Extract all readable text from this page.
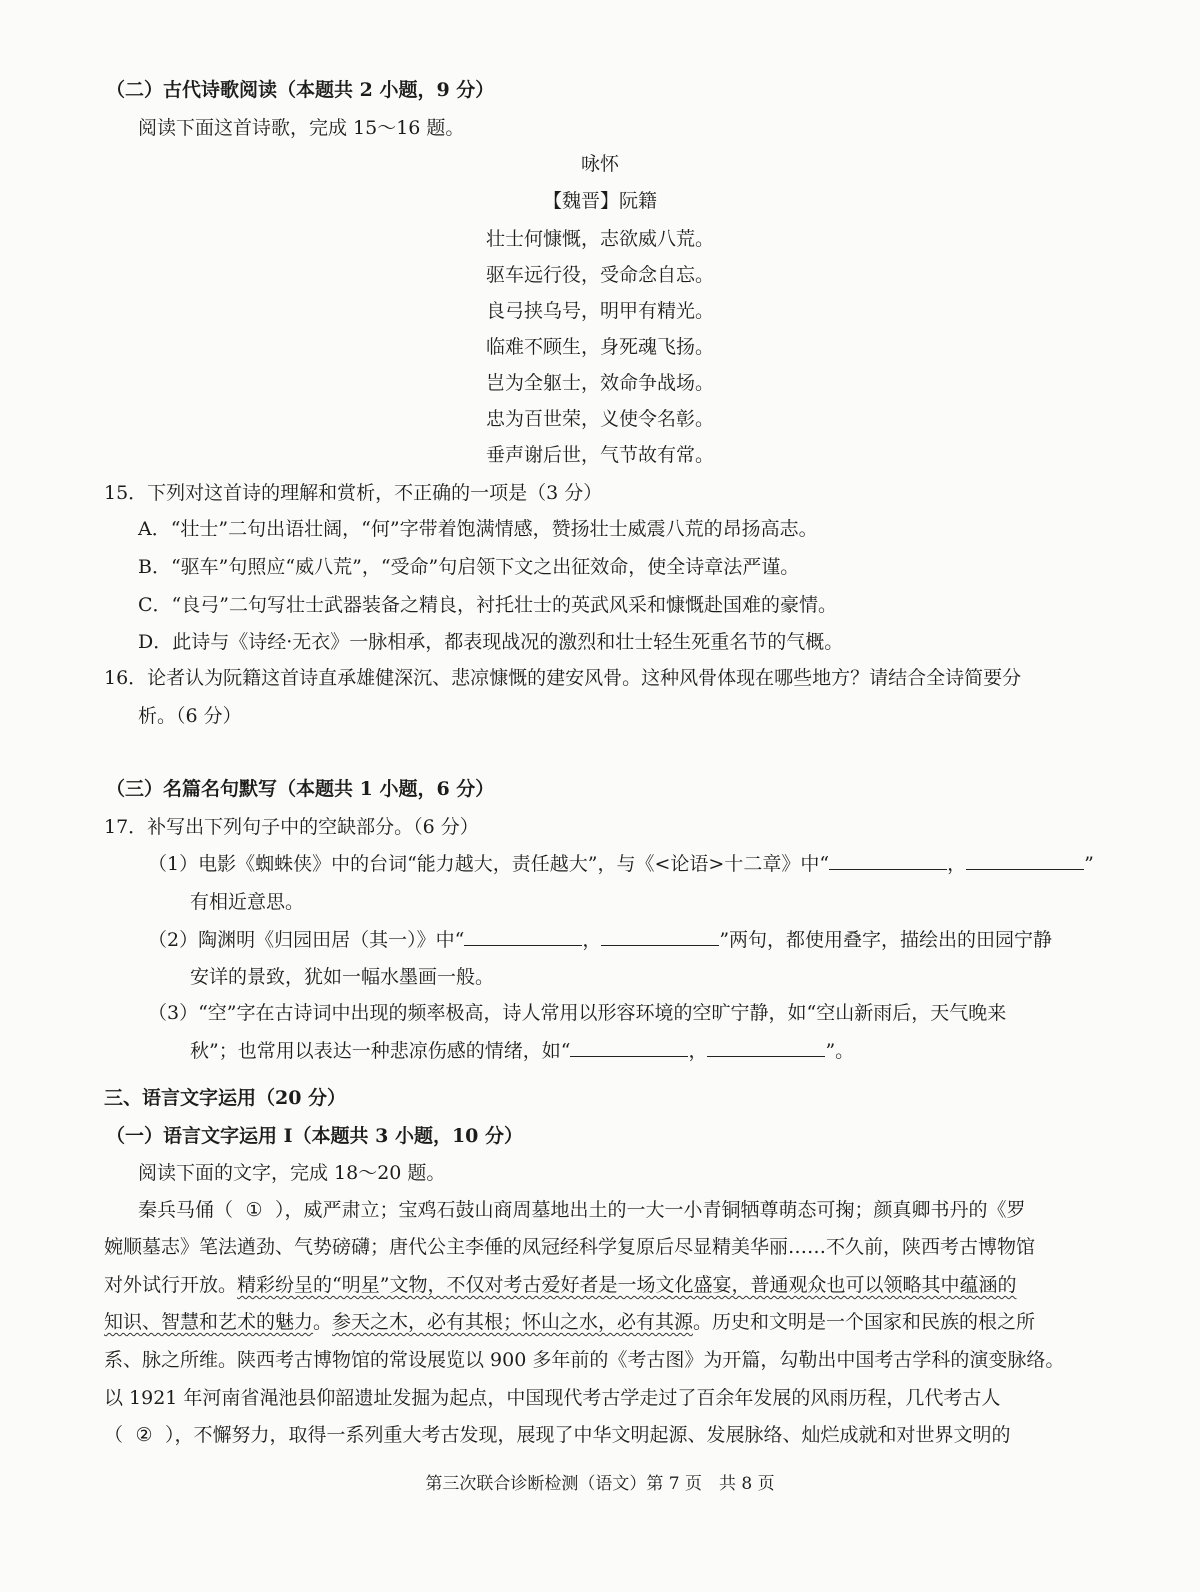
（二）古代诗歌阅读（本题共 2 小题，9 分）
阅读下面这首诗歌，完成 15～16 题。
咏怀
【魏晋】阮籍
壮士何慷慨，志欲威八荒。
驱车远行役，受命念自忘。
良弓挟乌号，明甲有精光。
临难不顾生，身死魂飞扬。
岂为全躯士，效命争战场。
忠为百世荣，义使令名彰。
垂声谢后世，气节故有常。
15．下列对这首诗的理解和赏析，不正确的一项是（3 分）
A．“壮士”二句出语壮阔，“何”字带着饱满情感，赞扬壮士威震八荒的昂扬高志。
B．“驱车”句照应“威八荒”，“受命”句启领下文之出征效命，使全诗章法严谨。
C．“良弓”二句写壮士武器装备之精良，衬托壮士的英武风采和慷慨赴国难的豪情。
D．此诗与《诗经·无衣》一脉相承，都表现战况的激烈和壮士轻生死重名节的气概。
16．论者认为阮籍这首诗直承雄健深沉、悲凉慷慨的建安风骨。这种风骨体现在哪些地方？请结合全诗简要分
析。（6 分）
（三）名篇名句默写（本题共 1 小题，6 分）
17．补写出下列句子中的空缺部分。（6 分）
（1）电影《蜘蛛侠》中的台词“能力越大，责任越大”，与《<论语>十二章》中“	，	”
有相近意思。
（2）陶渊明《归园田居（其一）》中“	，	”两句，都使用叠字，描绘出的田园宁静
安详的景致，犹如一幅水墨画一般。
（3）“空”字在古诗词中出现的频率极高，诗人常用以形容环境的空旷宁静，如“空山新雨后，天气晚来
秋”；也常用以表达一种悲凉伤感的情绪，如“	，	”。
三、语言文字运用（20 分）
（一）语言文字运用 Ⅰ（本题共 3 小题，10 分）
阅读下面的文字，完成 18～20 题。
秦兵马俑（ ① ），威严肃立；宝鸡石鼓山商周墓地出土的一大一小青铜牺尊萌态可掬；颜真卿书丹的《罗
婉顺墓志》笔法遒劲、气势磅礴；唐代公主李倕的凤冠经科学复原后尽显精美华丽……不久前，陕西考古博物馆
对外试行开放。精彩纷呈的“明星”文物，不仅对考古爱好者是一场文化盛宴，普通观众也可以领略其中蕴涵的
知识、智慧和艺术的魅力。参天之木，必有其根；怀山之水，必有其源。历史和文明是一个国家和民族的根之所
系、脉之所维。陕西考古博物馆的常设展览以 900 多年前的《考古图》为开篇，勾勒出中国考古学科的演变脉络。
以 1921 年河南省渑池县仰韶遗址发掘为起点，中国现代考古学走过了百余年发展的风雨历程，几代考古人
（ ② ），不懈努力，取得一系列重大考古发现，展现了中华文明起源、发展脉络、灿烂成就和对世界文明的
第三次联合诊断检测（语文）第 7 页　共 8 页
